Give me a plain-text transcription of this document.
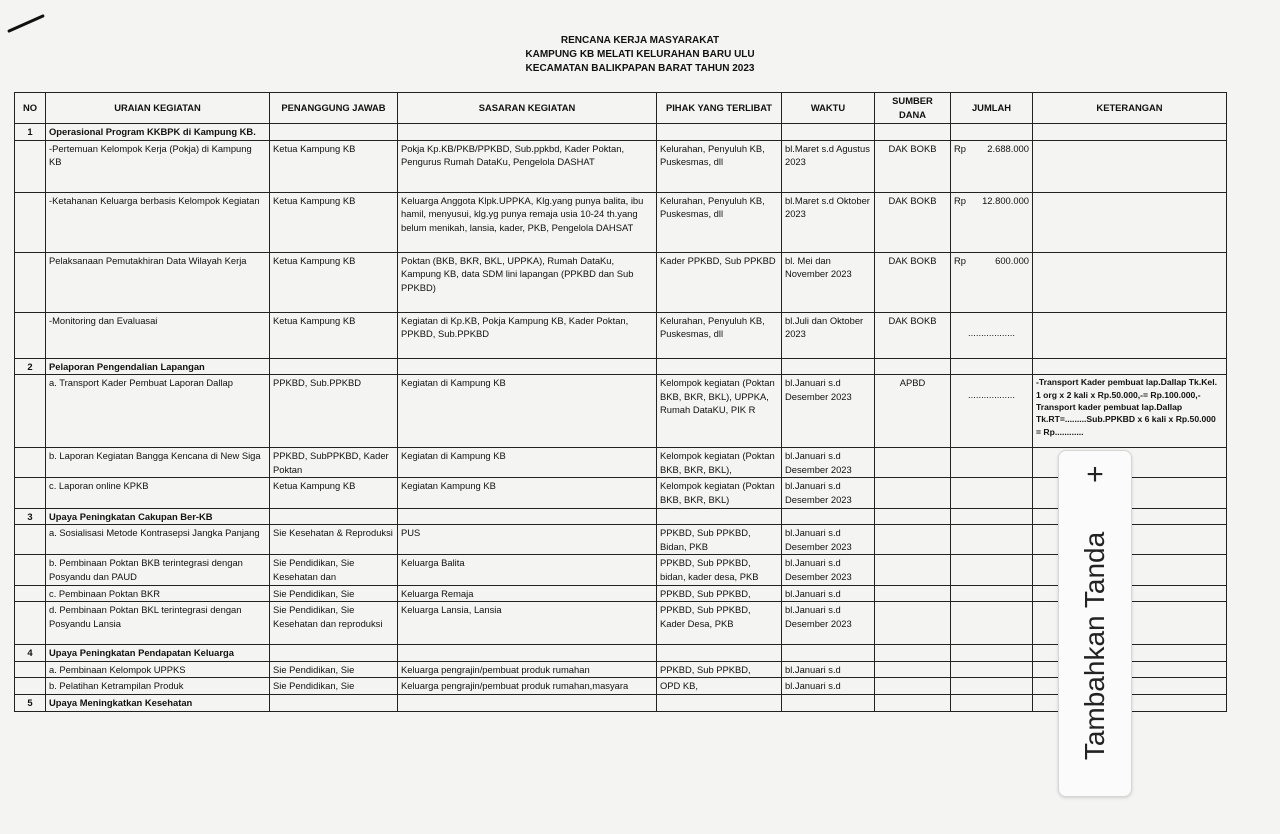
RENCANA KERJA MASYARAKAT
KAMPUNG KB MELATI KELURAHAN BARU ULU
KECAMATAN BALIKPAPAN BARAT TAHUN 2023
NO	URAIAN KEGIATAN	PENANGGUNG JAWAB	SASARAN KEGIATAN	PIHAK YANG TERLIBAT	WAKTU	SUMBER DANA	JUMLAH	KETERANGAN
1	Operasional Program KKBPK di Kampung KB.							
	-Pertemuan Kelompok Kerja (Pokja) di Kampung KB	Ketua Kampung KB	Pokja Kp.KB/PKB/PPKBD, Sub.ppkbd, Kader Poktan, Pengurus Rumah DataKu, Pengelola DASHAT	Kelurahan, Penyuluh KB, Puskesmas, dll	bl.Maret s.d Agustus 2023	DAK BOKB	Rp 2.688.000	

	-Ketahanan Keluarga berbasis Kelompok Kegiatan	Ketua Kampung KB	Keluarga Anggota Klpk.UPPKA, Klg.yang punya balita, ibu hamil, menyusui, klg.yg punya remaja usia 10-24 th.yang belum menikah, lansia, kader, PKB, Pengelola DAHSAT	Kelurahan, Penyuluh KB, Puskesmas, dll	bl.Maret s.d Oktober 2023	DAK BOKB	Rp 12.800.000	

	Pelaksanaan Pemutakhiran Data Wilayah Kerja	Ketua Kampung KB	Poktan (BKB, BKR, BKL, UPPKA), Rumah DataKu, Kampung KB, data SDM lini lapangan (PPKBD dan Sub PPKBD)	Kader PPKBD, Sub PPKBD	bl. Mei dan November 2023	DAK BOKB	Rp 600.000	

	-Monitoring dan Evaluasai	Ketua Kampung KB	Kegiatan di Kp.KB, Pokja Kampung KB, Kader Poktan, PPKBD, Sub.PPKBD	Kelurahan, Penyuluh KB, Puskesmas, dll	bl.Juli dan Oktober 2023	DAK BOKB	..................	
2	Pelaporan Pengendalian Lapangan							
	a. Transport Kader Pembuat Laporan Dallap	PPKBD, Sub.PPKBD	Kegiatan di Kampung KB	Kelompok kegiatan (Poktan BKB, BKR, BKL), UPPKA, Rumah DataKU, PIK R	bl.Januari s.d Desember 2023	APBD	..................	-Transport Kader pembuat lap.Dallap Tk.Kel. 1 org x 2 kali x Rp.50.000,-= Rp.100.000,- Transport kader pembuat lap.Dallap Tk.RT=.........Sub.PPKBD x 6 kali x Rp.50.000 = Rp............
	b. Laporan Kegiatan Bangga Kencana di New Siga	PPKBD, SubPPKBD, Kader Poktan	Kegiatan di Kampung KB	Kelompok kegiatan (Poktan BKB, BKR, BKL),	bl.Januari s.d Desember 2023			
	c. Laporan online KPKB	Ketua Kampung KB	Kegiatan Kampung KB	Kelompok kegiatan (Poktan BKB, BKR, BKL)	bl.Januari s.d Desember 2023			
3	Upaya Peningkatan Cakupan Ber-KB							
	a. Sosialisasi Metode Kontrasepsi Jangka Panjang	Sie Kesehatan & Reproduksi	PUS	PPKBD, Sub PPKBD, Bidan, PKB	bl.Januari s.d Desember 2023			
	b. Pembinaan Poktan BKB terintegrasi dengan Posyandu dan PAUD	Sie Pendidikan, Sie Kesehatan dan	Keluarga Balita	PPKBD, Sub PPKBD, bidan, kader desa, PKB	bl.Januari s.d Desember 2023			
	c. Pembinaan Poktan BKR	Sie Pendidikan, Sie	Keluarga Remaja	PPKBD, Sub PPKBD,	bl.Januari s.d			
	d. Pembinaan Poktan BKL terintegrasi dengan Posyandu Lansia	Sie Pendidikan, Sie Kesehatan dan reproduksi	Keluarga Lansia, Lansia	PPKBD, Sub PPKBD, Kader Desa, PKB	bl.Januari s.d Desember 2023			
4	Upaya Peningkatan Pendapatan Keluarga							
	a. Pembinaan Kelompok UPPKS	Sie Pendidikan, Sie	Keluarga pengrajin/pembuat produk rumahan	PPKBD, Sub PPKBD,	bl.Januari s.d			
	b. Pelatihan Ketrampilan Produk	Sie Pendidikan, Sie	Keluarga pengrajin/pembuat produk rumahan,masyara	OPD KB,	bl.Januari s.d			
5	Upaya Meningkatkan Kesehatan							
+
Tambahkan Tanda
